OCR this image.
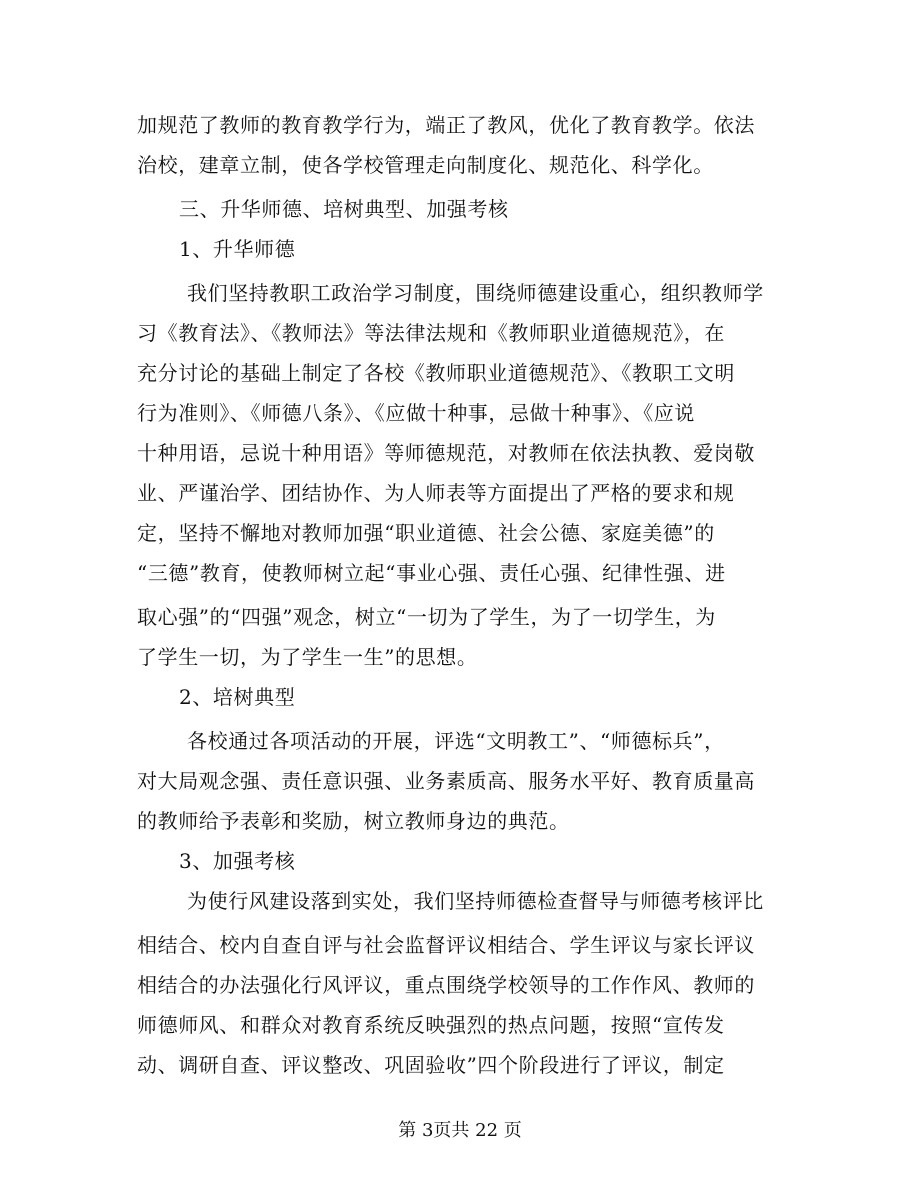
加规范了教师的教育教学行为，端正了教风，优化了教育教学。依法
治校，建章立制，使各学校管理走向制度化、规范化、科学化。
三、升华师德、培树典型、加强考核
1、升华师德
我们坚持教职工政治学习制度，围绕师德建设重心，组织教师学
习《教育法》、《教师法》等法律法规和《教师职业道德规范》，在
充分讨论的基础上制定了各校《教师职业道德规范》、《教职工文明
行为准则》、《师德八条》、《应做十种事，忌做十种事》、《应说
十种用语，忌说十种用语》等师德规范，对教师在依法执教、爱岗敬
业、严谨治学、团结协作、为人师表等方面提出了严格的要求和规
定，坚持不懈地对教师加强“职业道德、社会公德、家庭美德”的
“三德”教育，使教师树立起“事业心强、责任心强、纪律性强、进
取心强”的“四强”观念，树立“一切为了学生，为了一切学生，为
了学生一切，为了学生一生”的思想。
2、培树典型
各校通过各项活动的开展，评选“文明教工”、“师德标兵”，
对大局观念强、责任意识强、业务素质高、服务水平好、教育质量高
的教师给予表彰和奖励，树立教师身边的典范。
3、加强考核
为使行风建设落到实处，我们坚持师德检查督导与师德考核评比
相结合、校内自查自评与社会监督评议相结合、学生评议与家长评议
相结合的办法强化行风评议，重点围绕学校领导的工作作风、教师的
师德师风、和群众对教育系统反映强烈的热点问题，按照“宣传发
动、调研自查、评议整改、巩固验收”四个阶段进行了评议，制定
第 3页共 22 页
